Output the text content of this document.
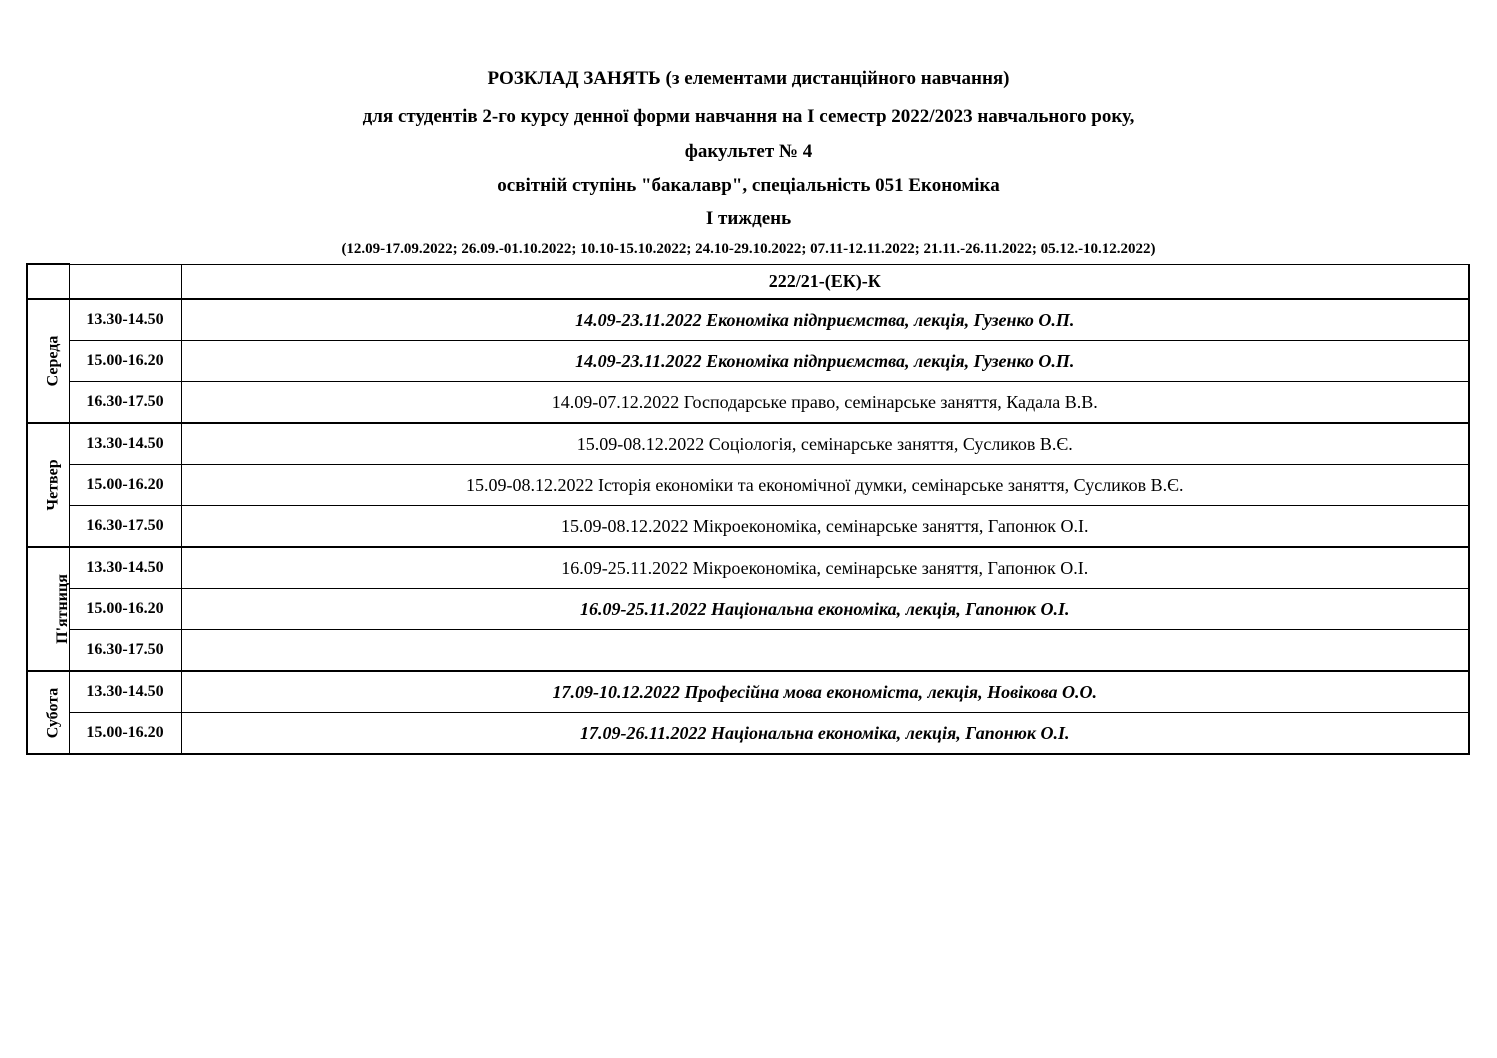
РОЗКЛАД ЗАНЯТЬ (з елементами дистанційного навчання)
для студентів 2-го курсу денної форми навчання на I семестр 2022/2023 навчального року,
факультет № 4
освітній ступінь "бакалавр", спеціальність 051 Економіка
I тиждень
(12.09-17.09.2022; 26.09.-01.10.2022; 10.10-15.10.2022; 24.10-29.10.2022; 07.11-12.11.2022; 21.11.-26.11.2022; 05.12.-10.12.2022)
		222/21-(ЕК)-К
Середа	13.30-14.50	14.09-23.11.2022 Економіка підприємства, лекція, Гузенко О.П.
	15.00-16.20	14.09-23.11.2022 Економіка підприємства, лекція, Гузенко О.П.
	16.30-17.50	14.09-07.12.2022 Господарське право, семінарське заняття, Кадала В.В.
Четвер	13.30-14.50	15.09-08.12.2022 Соціологія, семінарське заняття, Сусликов В.Є.
	15.00-16.20	15.09-08.12.2022 Історія економіки та економічної думки, семінарське заняття, Сусликов В.Є.
	16.30-17.50	15.09-08.12.2022 Мікроекономіка, семінарське заняття, Гапонюк О.І.
П'ятниця	13.30-14.50	16.09-25.11.2022 Мікроекономіка, семінарське заняття, Гапонюк О.І.
	15.00-16.20	16.09-25.11.2022 Національна економіка, лекція, Гапонюк О.І.
	16.30-17.50	
Субота	13.30-14.50	17.09-10.12.2022 Професійна мова економіста, лекція, Новікова О.О.
	15.00-16.20	17.09-26.11.2022 Національна економіка, лекція, Гапонюк О.І.
